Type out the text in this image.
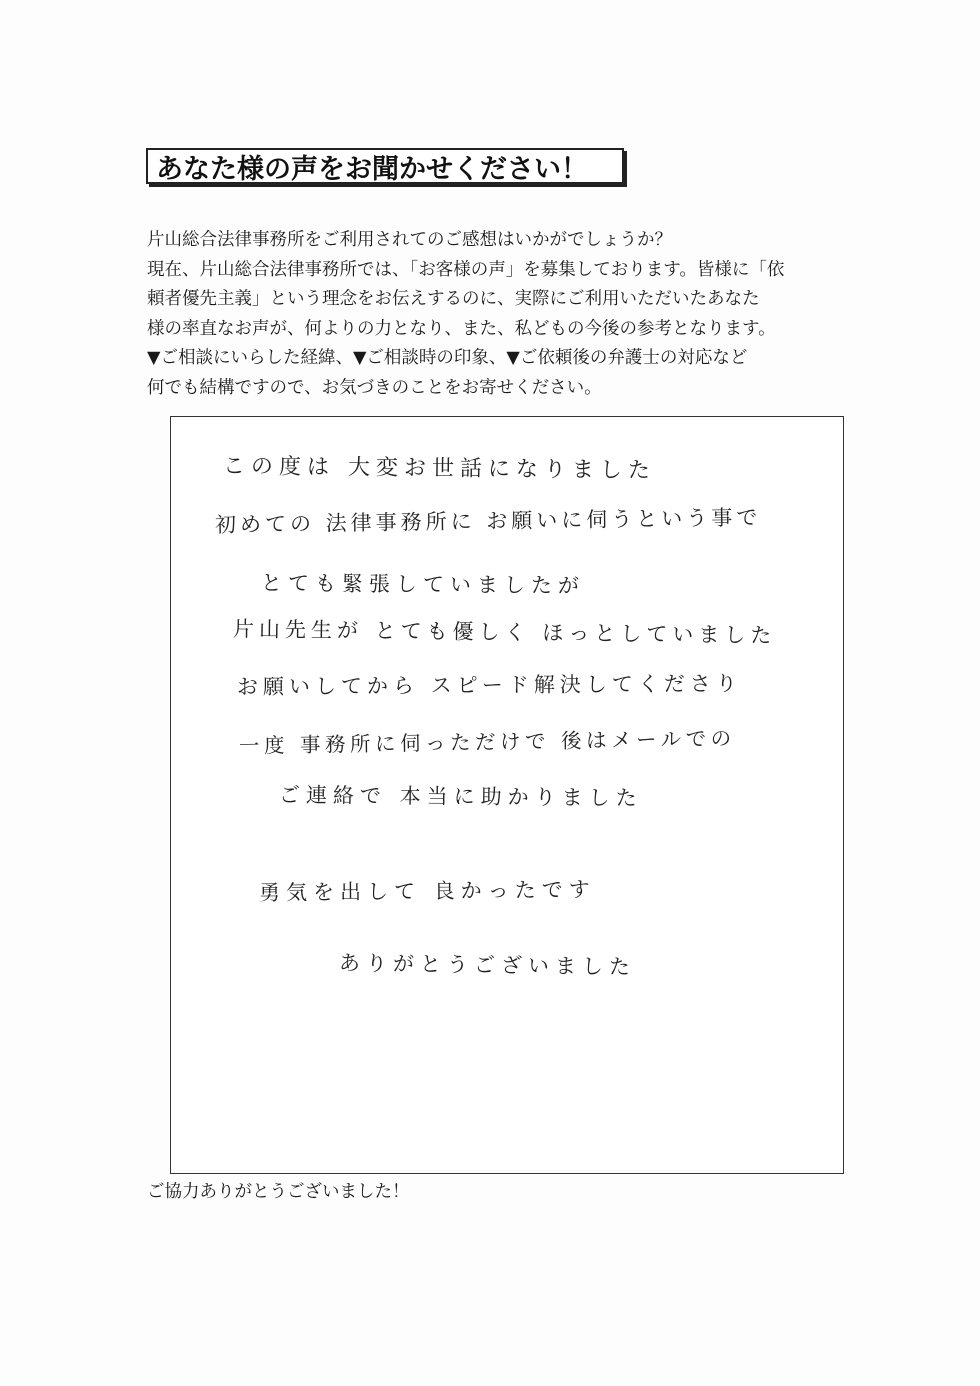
あなた様の声をお聞かせください！
片山総合法律事務所をご利用されてのご感想はいかがでしょうか？
現在、片山総合法律事務所では、「お客様の声」を募集しております。皆様に「依
頼者優先主義」という理念をお伝えするのに、実際にご利用いただいたあなた
様の率直なお声が、何よりの力となり、また、私どもの今後の参考となります。
▼ご相談にいらした経緯、▼ご相談時の印象、▼ご依頼後の弁護士の対応など
何でも結構ですので、お気づきのことをお寄せください。
この度は 大変お世話になりました
初めての 法律事務所に お願いに伺うという事で
とても緊張していましたが
片山先生が とても優しく ほっとしていました
お願いしてから スピード解決してくださり
一度 事務所に伺っただけで 後はメールでの
ご連絡で 本当に助かりました
勇気を出して 良かったです
ありがとうございました
ご協力ありがとうございました！
